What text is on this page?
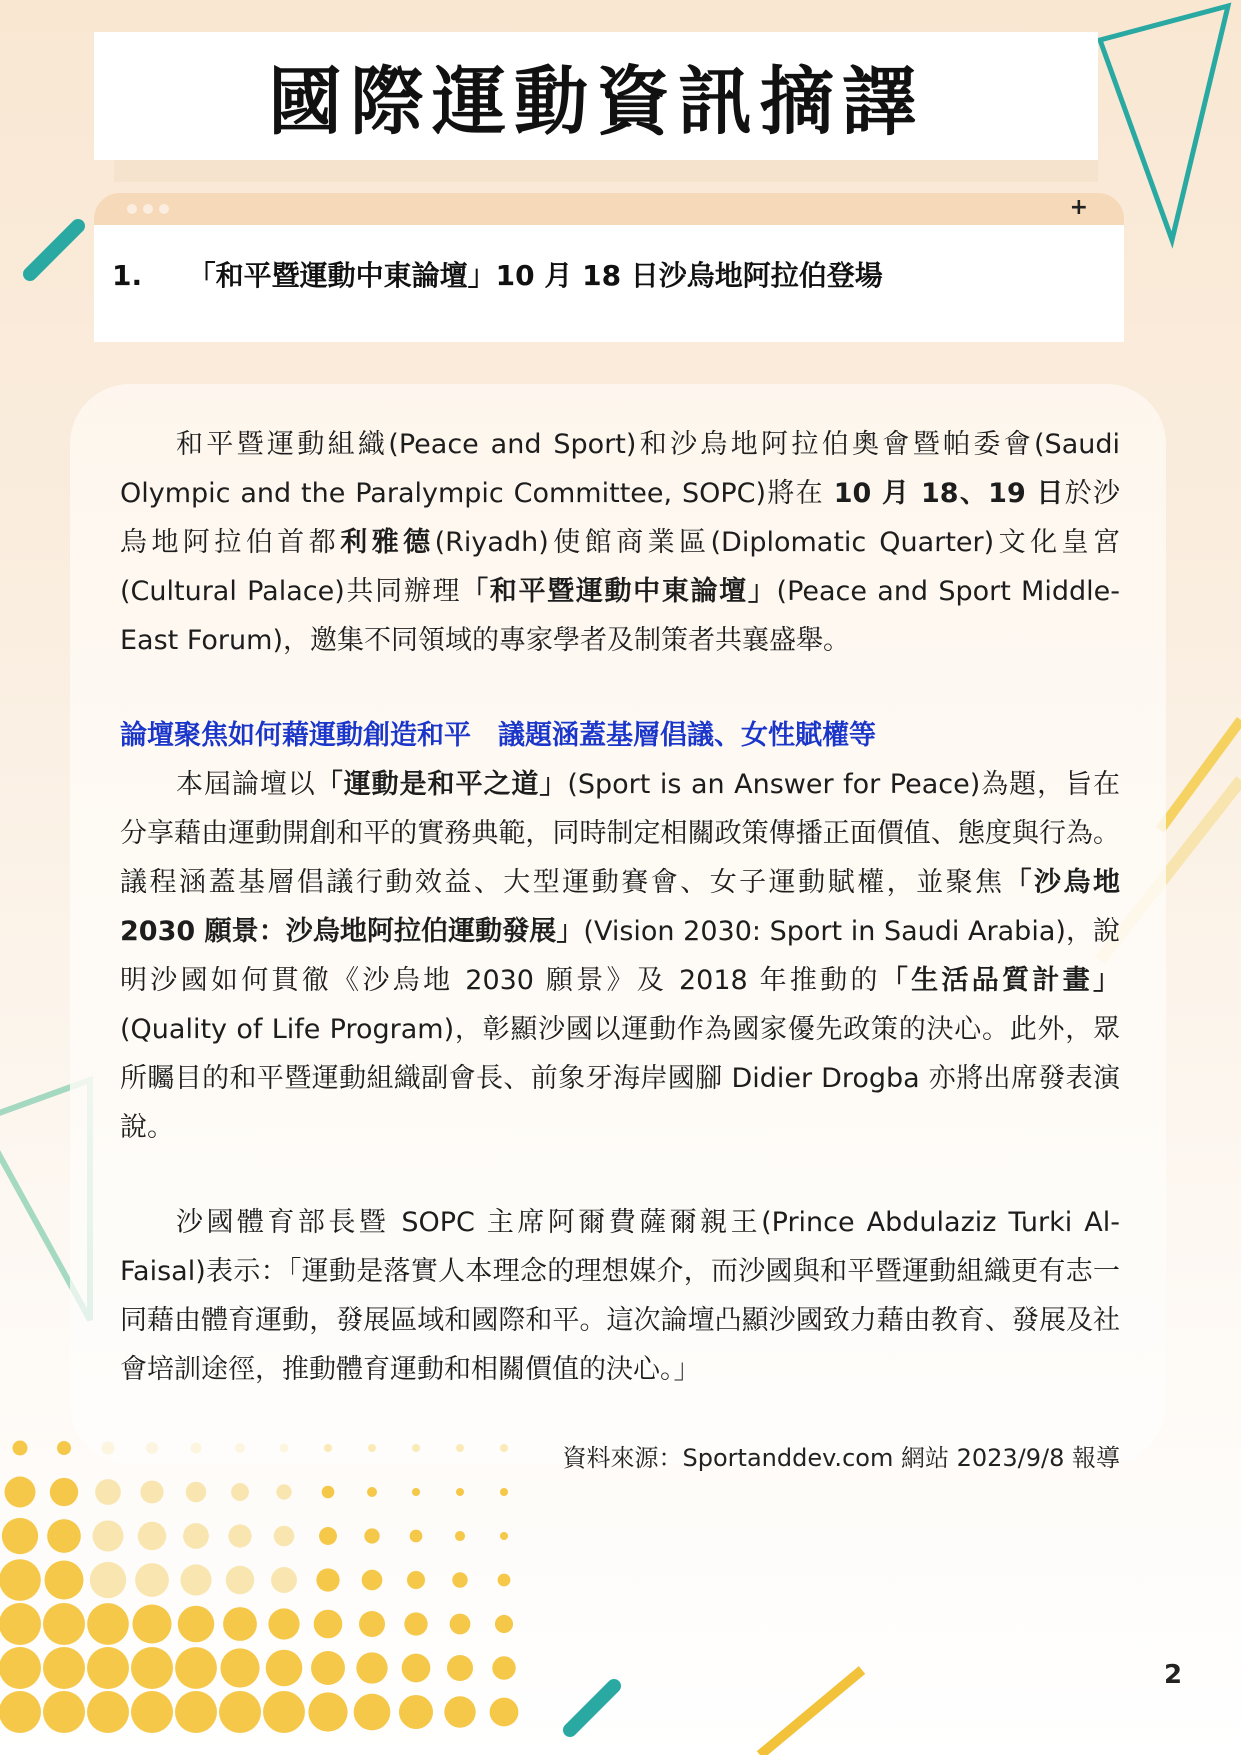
國際運動資訊摘譯
+
1. 「和平暨運動中東論壇」10 月 18 日沙烏地阿拉伯登場

和平暨運動組織(Peace and Sport)和沙烏地阿拉伯奧會暨帕委會(Saudi Olympic and the Paralympic Committee, SOPC)將在 10 月 18、19 日於沙烏地阿拉伯首都利雅德(Riyadh)使館商業區(Diplomatic Quarter)文化皇宮(Cultural Palace)共同辦理「和平暨運動中東論壇」(Peace and Sport Middle-East Forum)，邀集不同領域的專家學者及制策者共襄盛舉。

論壇聚焦如何藉運動創造和平　議題涵蓋基層倡議、女性賦權等

本屆論壇以「運動是和平之道」(Sport is an Answer for Peace)為題，旨在分享藉由運動開創和平的實務典範，同時制定相關政策傳播正面價值、態度與行為。議程涵蓋基層倡議行動效益、大型運動賽會、女子運動賦權，並聚焦「沙烏地 2030 願景：沙烏地阿拉伯運動發展」(Vision 2030: Sport in Saudi Arabia)，說明沙國如何貫徹《沙烏地 2030 願景》及 2018 年推動的「生活品質計畫」(Quality of Life Program)，彰顯沙國以運動作為國家優先政策的決心。此外，眾所矚目的和平暨運動組織副會長、前象牙海岸國腳 Didier Drogba 亦將出席發表演說。

沙國體育部長暨 SOPC 主席阿爾費薩爾親王(Prince Abdulaziz Turki Al-Faisal)表示：「運動是落實人本理念的理想媒介，而沙國與和平暨運動組織更有志一同藉由體育運動，發展區域和國際和平。這次論壇凸顯沙國致力藉由教育、發展及社會培訓途徑，推動體育運動和相關價值的決心。」

資料來源：Sportanddev.com 網站 2023/9/8 報導
2
